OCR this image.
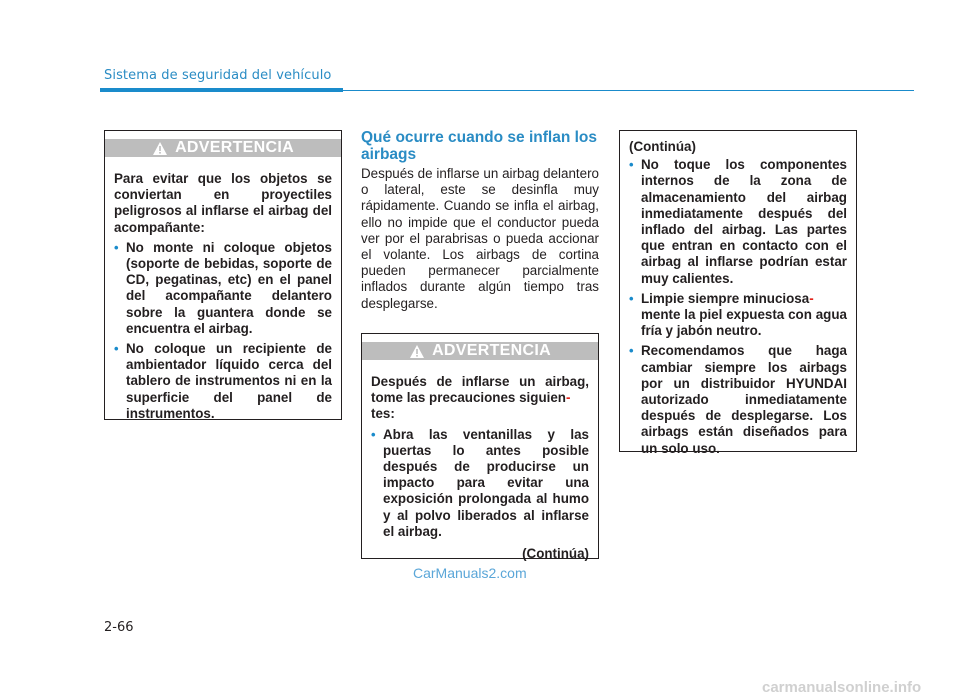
Sistema de seguridad del vehículo
ADVERTENCIA

Para evitar que los objetos se conviertan en proyectiles peligrosos al inflarse el airbag del acompañante:

• No monte ni coloque objetos (soporte de bebidas, soporte de CD, pegatinas, etc) en el panel del acompañante delantero sobre la guantera donde se encuentra el airbag.
• No coloque un recipiente de ambientador líquido cerca del tablero de instrumentos ni en la superficie del panel de instrumentos.
Qué ocurre cuando se inflan los airbags
Después de inflarse un airbag delantero o lateral, este se desinfla muy rápidamente. Cuando se infla el airbag, ello no impide que el conductor pueda ver por el parabrisas o pueda accionar el volante. Los airbags de cortina pueden permanecer parcialmente inflados durante algún tiempo tras desplegarse.
ADVERTENCIA

Después de inflarse un airbag, tome las precauciones siguien-
tes:

• Abra las ventanillas y las puertas lo antes posible después de producirse un impacto para evitar una exposición prolongada al humo y al polvo liberados al inflarse el airbag.
(Continúa)

(Continúa)

• No toque los componentes internos de la zona de almacenamiento del airbag inmediatamente después del inflado del airbag. Las partes que entran en contacto con el airbag al inflarse podrían estar muy calientes.
• Limpie siempre minuciosa-
mente la piel expuesta con agua fría y jabón neutro.
• Recomendamos que haga cambiar siempre los airbags por un distribuidor HYUNDAI autorizado inmediatamente después de desplegarse. Los airbags están diseñados para un solo uso.
CarManuals2.com
2-66
carmanualsonline.info
